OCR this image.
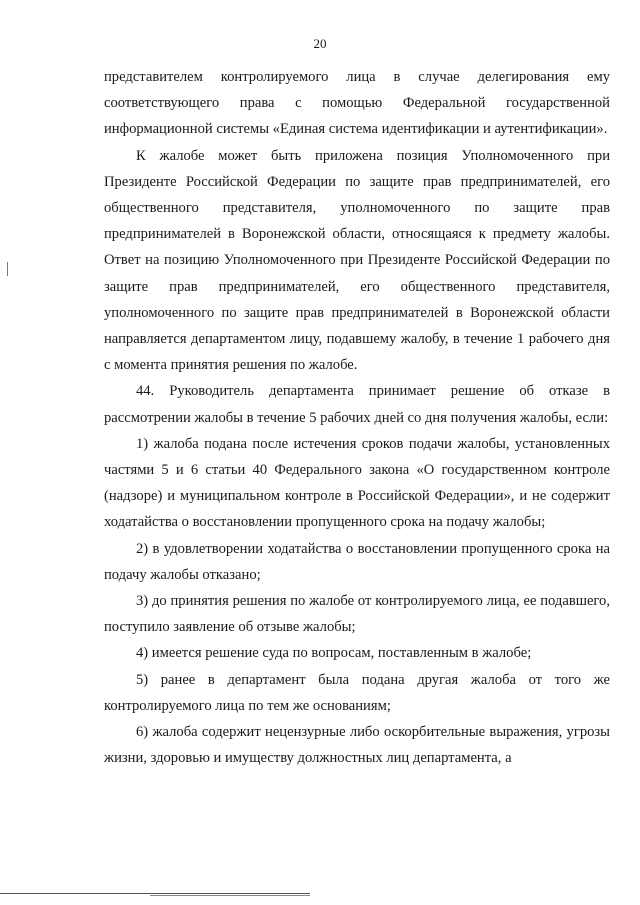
20

представителем контролируемого лица в случае делегирования ему соответствующего права с помощью Федеральной государственной информационной системы «Единая система идентификации и аутентификации».

К жалобе может быть приложена позиция Уполномоченного при Президенте Российской Федерации по защите прав предпринимателей, его общественного представителя, уполномоченного по защите прав предпринимателей в Воронежской области, относящаяся к предмету жалобы. Ответ на позицию Уполномоченного при Президенте Российской Федерации по защите прав предпринимателей, его общественного представителя, уполномоченного по защите прав предпринимателей в Воронежской области направляется департаментом лицу, подавшему жалобу, в течение 1 рабочего дня с момента принятия решения по жалобе.

44. Руководитель департамента принимает решение об отказе в рассмотрении жалобы в течение 5 рабочих дней со дня получения жалобы, если:

1) жалоба подана после истечения сроков подачи жалобы, установленных частями 5 и 6 статьи 40 Федерального закона «О государственном контроле (надзоре) и муниципальном контроле в Российской Федерации», и не содержит ходатайства о восстановлении пропущенного срока на подачу жалобы;

2) в удовлетворении ходатайства о восстановлении пропущенного срока на подачу жалобы отказано;

3) до принятия решения по жалобе от контролируемого лица, ее подавшего, поступило заявление об отзыве жалобы;

4) имеется решение суда по вопросам, поставленным в жалобе;

5) ранее в департамент была подана другая жалоба от того же контролируемого лица по тем же основаниям;

6) жалоба содержит нецензурные либо оскорбительные выражения, угрозы жизни, здоровью и имуществу должностных лиц департамента, а
